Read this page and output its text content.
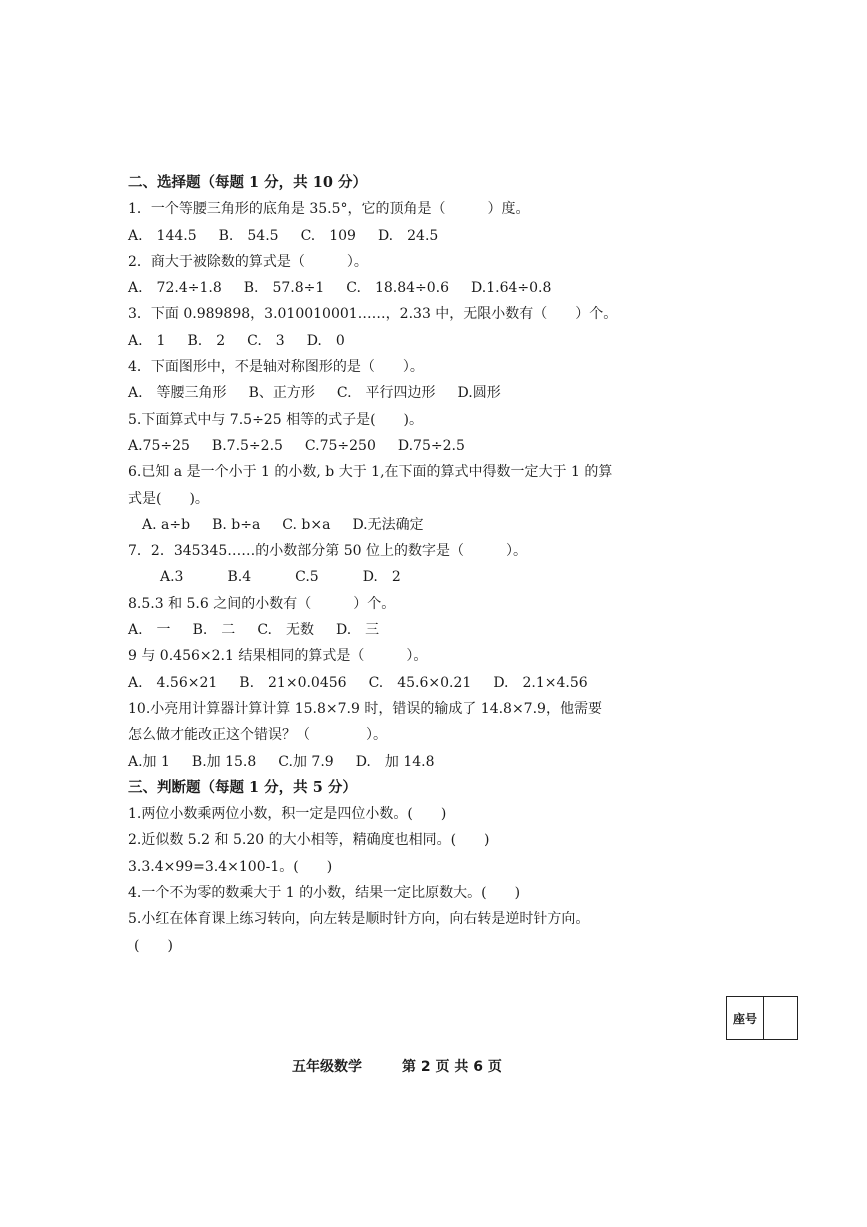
二、选择题（每题 1 分，共 10 分）

1．一个等腰三角形的底角是 35.5°，它的顶角是（　　　）度。

A.　144.5 B.　54.5 C.　109 D.　24.5

2．商大于被除数的算式是（　　　）。

A.　72.4÷1.8 B.　57.8÷1 C.　18.84÷0.6 D.1.64÷0.8

3．下面 0.989898，3.010010001……，2.33 中，无限小数有（　　）个。

A.　1 B.　2 C.　3 D.　0

4．下面图形中，不是轴对称图形的是（　　）。

A.　等腰三角形 B、正方形 C.　平行四边形 D.圆形

5.下面算式中与 7.5÷25 相等的式子是(　　)。

A.75÷25 B.7.5÷2.5 C.75÷250 D.75÷2.5

6.已知 a 是一个小于 1 的小数, b 大于 1,在下面的算式中得数一定大于 1 的算

式是(　　)。

A. a÷b B. b÷a C. b×a D.无法确定

7．2．345345……的小数部分第 50 位上的数字是（　　　）。

A.3	B.4	C.5	D.　2

8.5.3 和 5.6 之间的小数有（　　　）个。

A.　一 B.　二 C.　无数 D.　三

9 与 0.456×2.1 结果相同的算式是（　　　）。

A.　4.56×21 B.　21×0.0456 C.　45.6×0.21 D.　2.1×4.56

10.小亮用计算器计算计算 15.8×7.9 时，错误的输成了 14.8×7.9，他需要

怎么做才能改正这个错误？（　　　　）。

A.加 1 B.加 15.8 C.加 7.9 D.　加 14.8

三、判断题（每题 1 分，共 5 分）

1.两位小数乘两位小数，积一定是四位小数。(　　)

2.近似数 5.2 和 5.20 的大小相等，精确度也相同。(　　)

3.3.4×99=3.4×100-1。(　　)

4.一个不为零的数乘大于 1 的小数，结果一定比原数大。(　　)

5.小红在体育课上练习转向，向左转是顺时针方向，向右转是逆时针方向。

(　　)

座号
五年级数学	第 2 页 共 6 页
